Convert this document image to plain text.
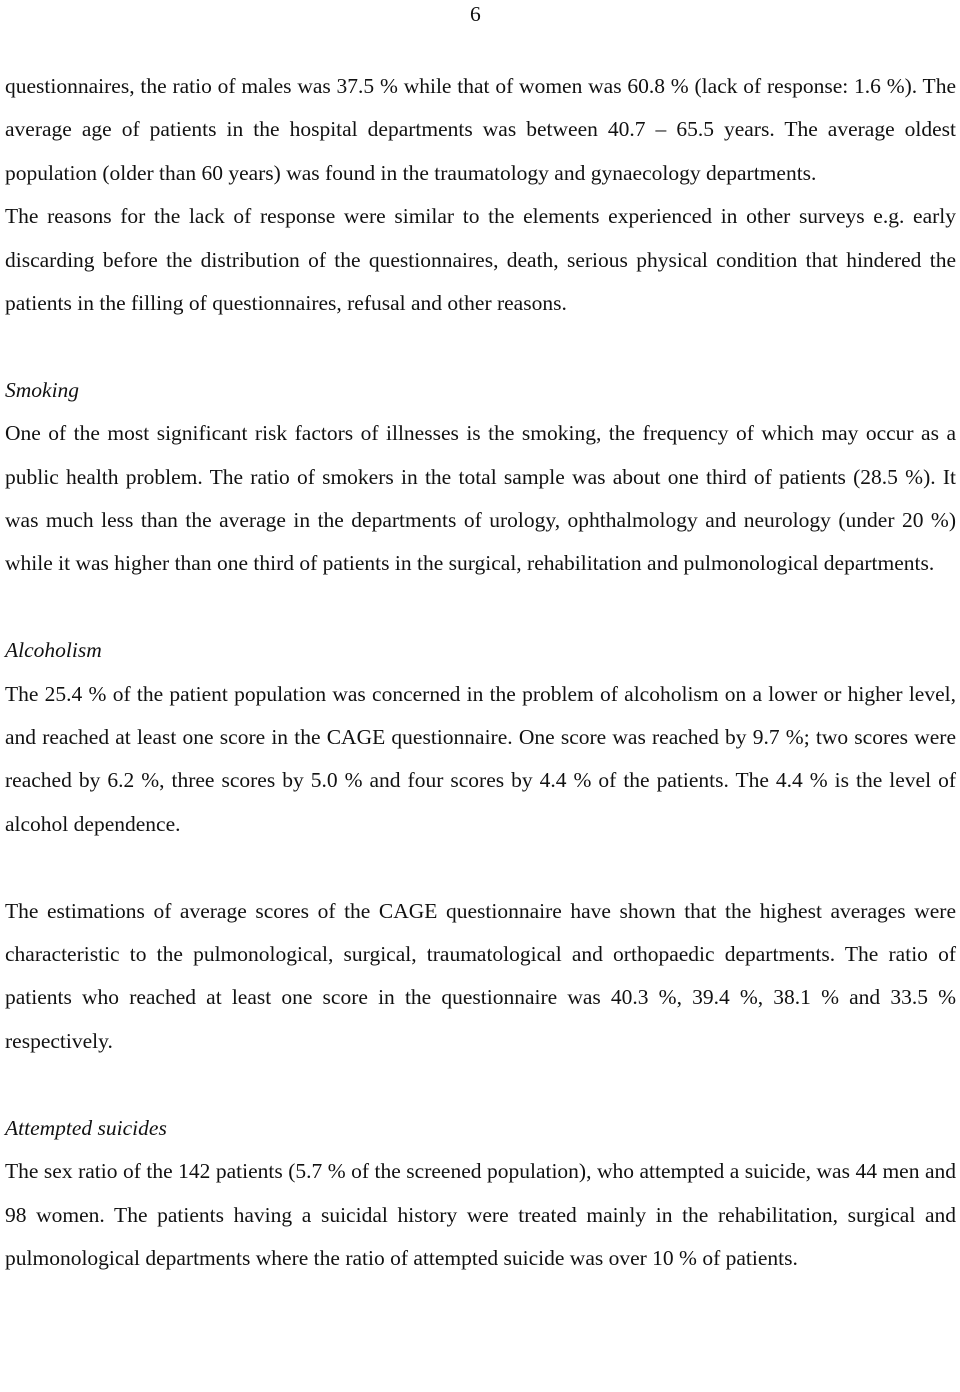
6

questionnaires, the ratio of males was 37.5 % while that of women was 60.8 % (lack of response: 1.6 %). The average age of patients in the hospital departments was between 40.7 – 65.5 years. The average oldest population (older than 60 years) was found in the traumatology and gynaecology departments.

The reasons for the lack of response were similar to the elements experienced in other surveys e.g. early discarding before the distribution of the questionnaires, death, serious physical condition that hindered the patients in the filling of questionnaires, refusal and other reasons.

Smoking

One of the most significant risk factors of illnesses is the smoking, the frequency of which may occur as a public health problem. The ratio of smokers in the total sample was about one third of patients (28.5 %). It was much less than the average in the departments of urology, ophthalmology and neurology (under 20 %) while it was higher than one third of patients in the surgical, rehabilitation and pulmonological departments.

Alcoholism

The 25.4 % of the patient population was concerned in the problem of alcoholism on a lower or higher level, and reached at least one score in the CAGE questionnaire. One score was reached by 9.7 %; two scores were reached by 6.2 %, three scores by 5.0 % and four scores by 4.4 % of the patients. The 4.4 % is the level of alcohol dependence.

The estimations of average scores of the CAGE questionnaire have shown that the highest averages were characteristic to the pulmonological, surgical, traumatological and orthopaedic departments. The ratio of patients who reached at least one score in the questionnaire was 40.3 %, 39.4 %, 38.1 % and 33.5 % respectively.

Attempted suicides

The sex ratio of the 142 patients (5.7 % of the screened population), who attempted a suicide, was 44 men and 98 women. The patients having a suicidal history were treated mainly in the rehabilitation, surgical and pulmonological departments where the ratio of attempted suicide was over 10 % of patients.
